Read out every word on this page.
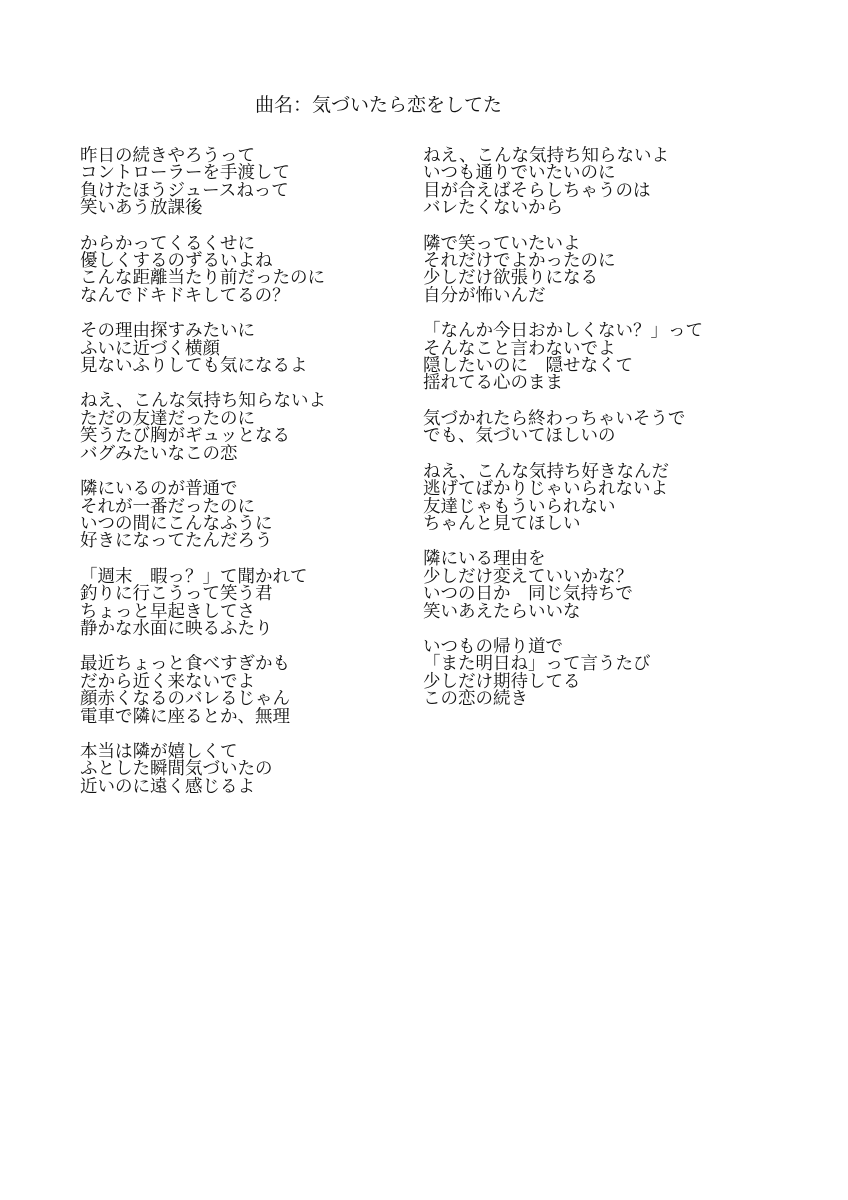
曲名：気づいたら恋をしてた
昨日の続きやろうって
コントローラーを手渡して
負けたほうジュースねって
笑いあう放課後
からかってくるくせに
優しくするのずるいよね
こんな距離当たり前だったのに
なんでドキドキしてるの？
その理由探すみたいに
ふいに近づく横顔
見ないふりしても気になるよ
ねえ、こんな気持ち知らないよ
ただの友達だったのに
笑うたび胸がギュッとなる
バグみたいなこの恋
隣にいるのが普通で
それが一番だったのに
いつの間にこんなふうに
好きになってたんだろう
「週末　暇っ？」て聞かれて
釣りに行こうって笑う君
ちょっと早起きしてさ
静かな水面に映るふたり
最近ちょっと食べすぎかも
だから近く来ないでよ
顔赤くなるのバレるじゃん
電車で隣に座るとか、無理
本当は隣が嬉しくて
ふとした瞬間気づいたの
近いのに遠く感じるよ
ねえ、こんな気持ち知らないよ
いつも通りでいたいのに
目が合えばそらしちゃうのは
バレたくないから
隣で笑っていたいよ
それだけでよかったのに
少しだけ欲張りになる
自分が怖いんだ
「なんか今日おかしくない？」って
そんなこと言わないでよ
隠したいのに　隠せなくて
揺れてる心のまま
気づかれたら終わっちゃいそうで
でも、気づいてほしいの
ねえ、こんな気持ち好きなんだ
逃げてばかりじゃいられないよ
友達じゃもういられない
ちゃんと見てほしい
隣にいる理由を
少しだけ変えていいかな？
いつの日か　同じ気持ちで
笑いあえたらいいな
いつもの帰り道で
「また明日ね」って言うたび
少しだけ期待してる
この恋の続き
